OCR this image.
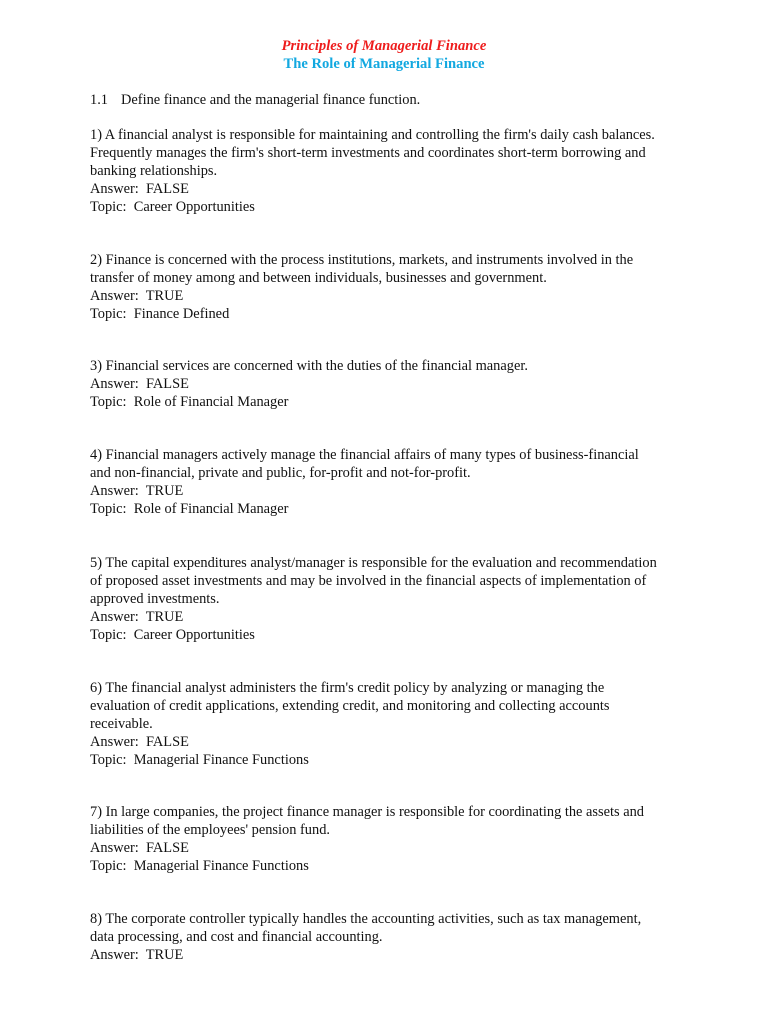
Principles of Managerial Finance
The Role of Managerial Finance
1.1 Define finance and the managerial finance function.

1) A financial analyst is responsible for maintaining and controlling the firm's daily cash balances.

Frequently manages the firm's short-term investments and coordinates short-term borrowing and

banking relationships.

Answer:  FALSE

Topic:  Career Opportunities

2) Finance is concerned with the process institutions, markets, and instruments involved in the

transfer of money among and between individuals, businesses and government.

Answer:  TRUE

Topic:  Finance Defined

3) Financial services are concerned with the duties of the financial manager.

Answer:  FALSE

Topic:  Role of Financial Manager

4) Financial managers actively manage the financial affairs of many types of business-financial

and non-financial, private and public, for-profit and not-for-profit.

Answer:  TRUE

Topic:  Role of Financial Manager

5) The capital expenditures analyst/manager is responsible for the evaluation and recommendation

of proposed asset investments and may be involved in the financial aspects of implementation of

approved investments.

Answer:  TRUE

Topic:  Career Opportunities

6) The financial analyst administers the firm's credit policy by analyzing or managing the

evaluation of credit applications, extending credit, and monitoring and collecting accounts

receivable.

Answer:  FALSE

Topic:  Managerial Finance Functions

7) In large companies, the project finance manager is responsible for coordinating the assets and

liabilities of the employees' pension fund.

Answer:  FALSE

Topic:  Managerial Finance Functions

8) The corporate controller typically handles the accounting activities, such as tax management,

data processing, and cost and financial accounting.

Answer:  TRUE
